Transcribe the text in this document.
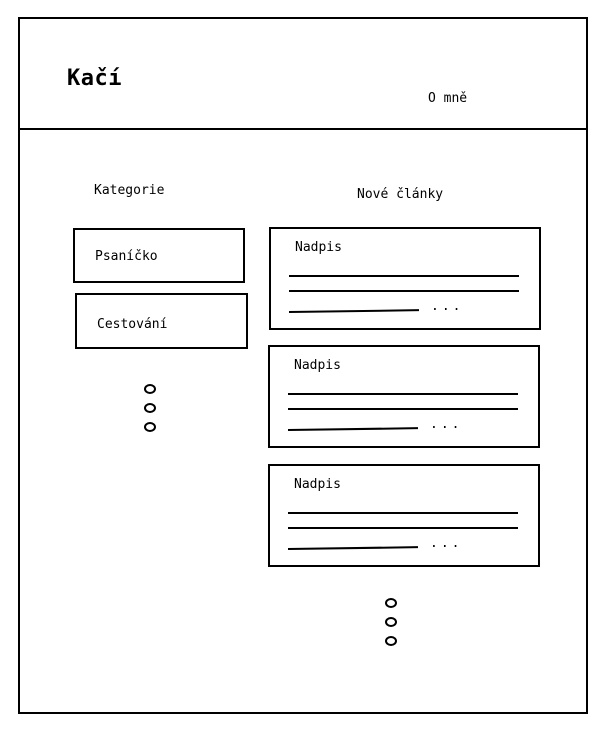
Kačí
O mně
Kategorie	Nové články
Psaníčko
Cestování
Nadpis
...
Nadpis
...
Nadpis
...
